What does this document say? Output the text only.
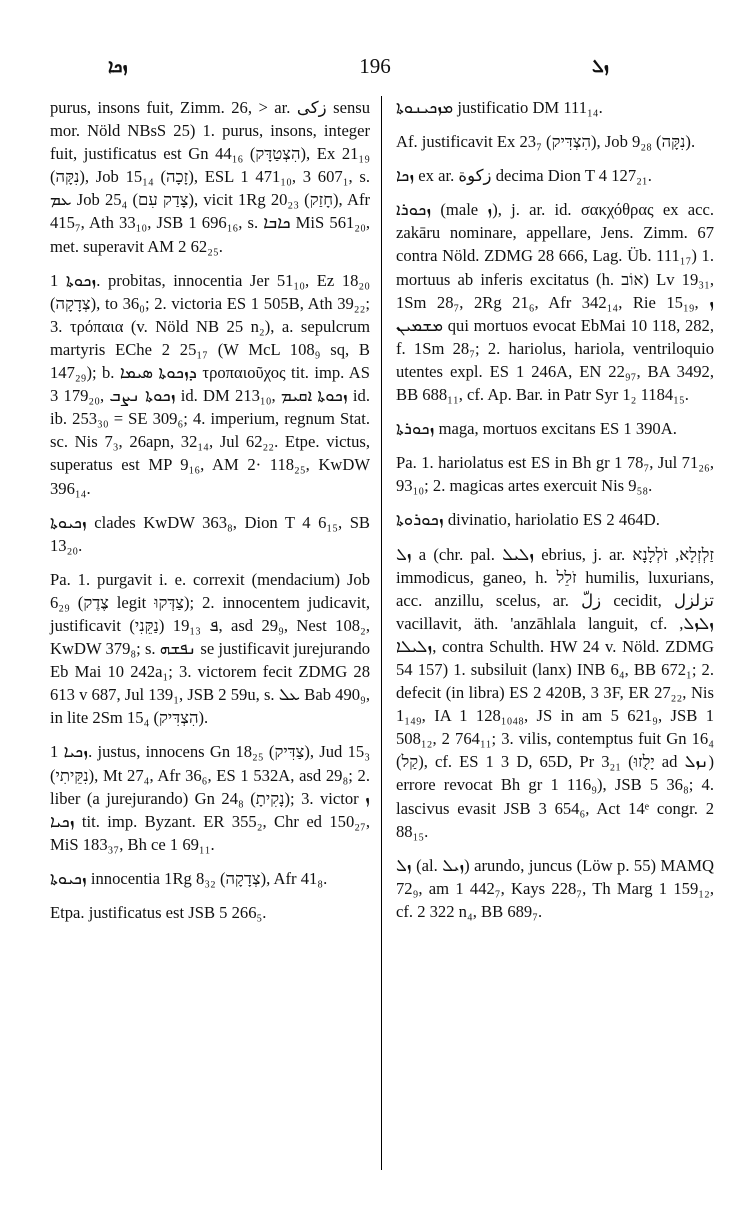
ܙܟܐ	196	ܙܠ

purus, insons fuit, Zimm. 26, > ar. زكى sensu mor. Nöld NBsS 25) 1. purus, insons, integer fuit, justificatus est Gn 44₁₆ (הִצְטַדָּק), Ex 21₁₉ (נִקָּה), Job 15₁₄ (זָכָה), ESL 1 471₁₀, 3 607₁, s. ܥܡ Job 25₄ (צָדַק עִם), vicit 1Rg 20₂₃ (חָזַק), Afr 415₇, Ath 33₁₀, JSB 1 696₁₆, s. ܟܐܒܐ MiS 561₂₀, met. superavit AM 2 62₂₅.

ܙܟܘܬܐ 1. probitas, innocentia Jer 51₁₀, Ez 18₂₀ (צְדָקָה), to 36₀; 2. victoria ES 1 505B, Ath 39₂₂; 3. τρόπαια (v. Nöld NB 25 n₂), a. sepulcrum martyris EChe 2 25₁₇ (W McL 108₉ sq, B 147₂₉); b. ܕܙܟܘܬܐ ܣܝܡܐ τροπαιοῦχος tit. imp. AS 3 179₂₀, ܙܟܘܬܐ ܢܨܒ id. DM 213₁₀, ܙܟܘܬܐ ܐܩܝܡ id. ib. 253₃₀ = SE 309₆; 4. imperium, regnum Stat. sc. Nis 7₃, 26apn, 32₁₄, Jul 62₂₂. Etpe. victus, superatus est MP 9₁₆, AM 2· 118₂₅, KwDW 396₁₄.

ܙܟܝܘܬܐ clades KwDW 363₈, Dion T 4 6₁₅, SB 13₂₀.

Pa. 1. purgavit i. e. correxit (mendacium) Job 6₂₉ (צֶדֶק legit צַדְּקוּ); 2. innocentem judicavit, justificavit ܦ 19₁₃ (נַקֵּנִי), asd 29₉, Nest 108₂, KwDW 379₈; s. ܢܦܫܗ se justificavit jurejurando Eb Mai 10 242a₁; 3. victorem fecit ZDMG 28 613 v 687, Jul 139₁, JSB 2 59u, s. ܥܠ Bab 490₉, in lite 2Sm 15₄ (הִצְדִּיק).

ܙܟܝܐ 1. justus, innocens Gn 18₂₅ (צַדִּיק), Jud 15₃ (נִקֵּיתִי), Mt 27₄, Afr 36₆, ES 1 532A, asd 29₈; 2. liber (a jurejurando) Gn 24₈ (נָקִיתָ); 3. victor ܙ ܙܟܝܐ tit. imp. Byzant. ER 355₂, Chr ed 150₂₇, MiS 183₃₇, Bh ce 1 69₁₁.

ܙܟܝܘܬܐ innocentia 1Rg 8₃₂ (צְדָקָה), Afr 41₈.

Etpa. justificatus est JSB 5 266₅.

ܡܙܟܝܢܘܬܐ justificatio DM 111₁₄.

Af. justificavit Ex 23₇ (הִצְדִּיק), Job 9₂₈ (נִקָּה).

ܙܟܐ ex ar. زكوة decima Dion T 4 127₂₁.

ܙܟܘܪܐ (male ܙ), j. ar. id. σακχόθρας ex acc. zakāru nominare, appellare, Jens. Zimm. 67 contra Nöld. ZDMG 28 666, Lag. Üb. 111₁₇) 1. mortuus ab inferis excitatus (h. אוֹב) Lv 19₃₁, 1Sm 28₇, 2Rg 21₆, Afr 342₁₄, Rie 15₁₉, ܙ ܡܫܡܝܢ qui mortuos evocat EbMai 10 118, 282, f. 1Sm 28₇; 2. hariolus, hariola, ventriloquio utentes expl. ES 1 246A, EN 22₉₇, BA 3492, BB 688₁₁, cf. Ap. Bar. in Patr Syr 1₂ 1184₁₅.

ܙܟܘܪܬܐ maga, mortuos excitans ES 1 390A.

Pa. 1. hariolatus est ES in Bh gr 1 78₇, Jul 71₂₆, 93₁₀; 2. magicas artes exercuit Nis 9₅₈.

ܙܟܘܪܘܬܐ divinatio, hariolatio ES 2 464D.

ܙܠ a (chr. pal. ܙܠܝܠ ebrius, j. ar. זַלְזְלָא, זֹלְלָנָא immodicus, ganeo, h. זֹלֵל humilis, luxurians, acc. anzillu, scelus, ar. زلّ cecidit, تزلزل vacillavit, äth. 'anzāhlala languit, cf. ܙܠܙܠ, ܙܠܝܠܐ, contra Schulth. HW 24 v. Nöld. ZDMG 54 157) 1. subsiluit (lanx) INB 6₄, BB 672₁; 2. defecit (in libra) ES 2 420B, 3 3F, ER 27₂₂, Nis 1₁₄₉, IA 1 128₁₀₄₈, JS in am 5 621₉, JSB 1 508₁₂, 2 764₁₁; 3. vilis, contemptus fuit Gn 16₄ (קַל), cf. ES 1 3 D, 65D, Pr 3₂₁ (יָלֻזוּ ad ܢܙܠ) errore revocat Bh gr 1 116₉), JSB 5 36₈; 4. lascivus evasit JSB 3 654₆, Act 14ᵉ congr. 2 88₁₅.

ܙܠ (al. ܙܝܠ) arundo, juncus (Löw p. 55) MAMQ 72₉, am 1 442₇, Kays 228₇, Th Marg 1 159₁₂, cf. 2 322 n₄, BB 689₇.
